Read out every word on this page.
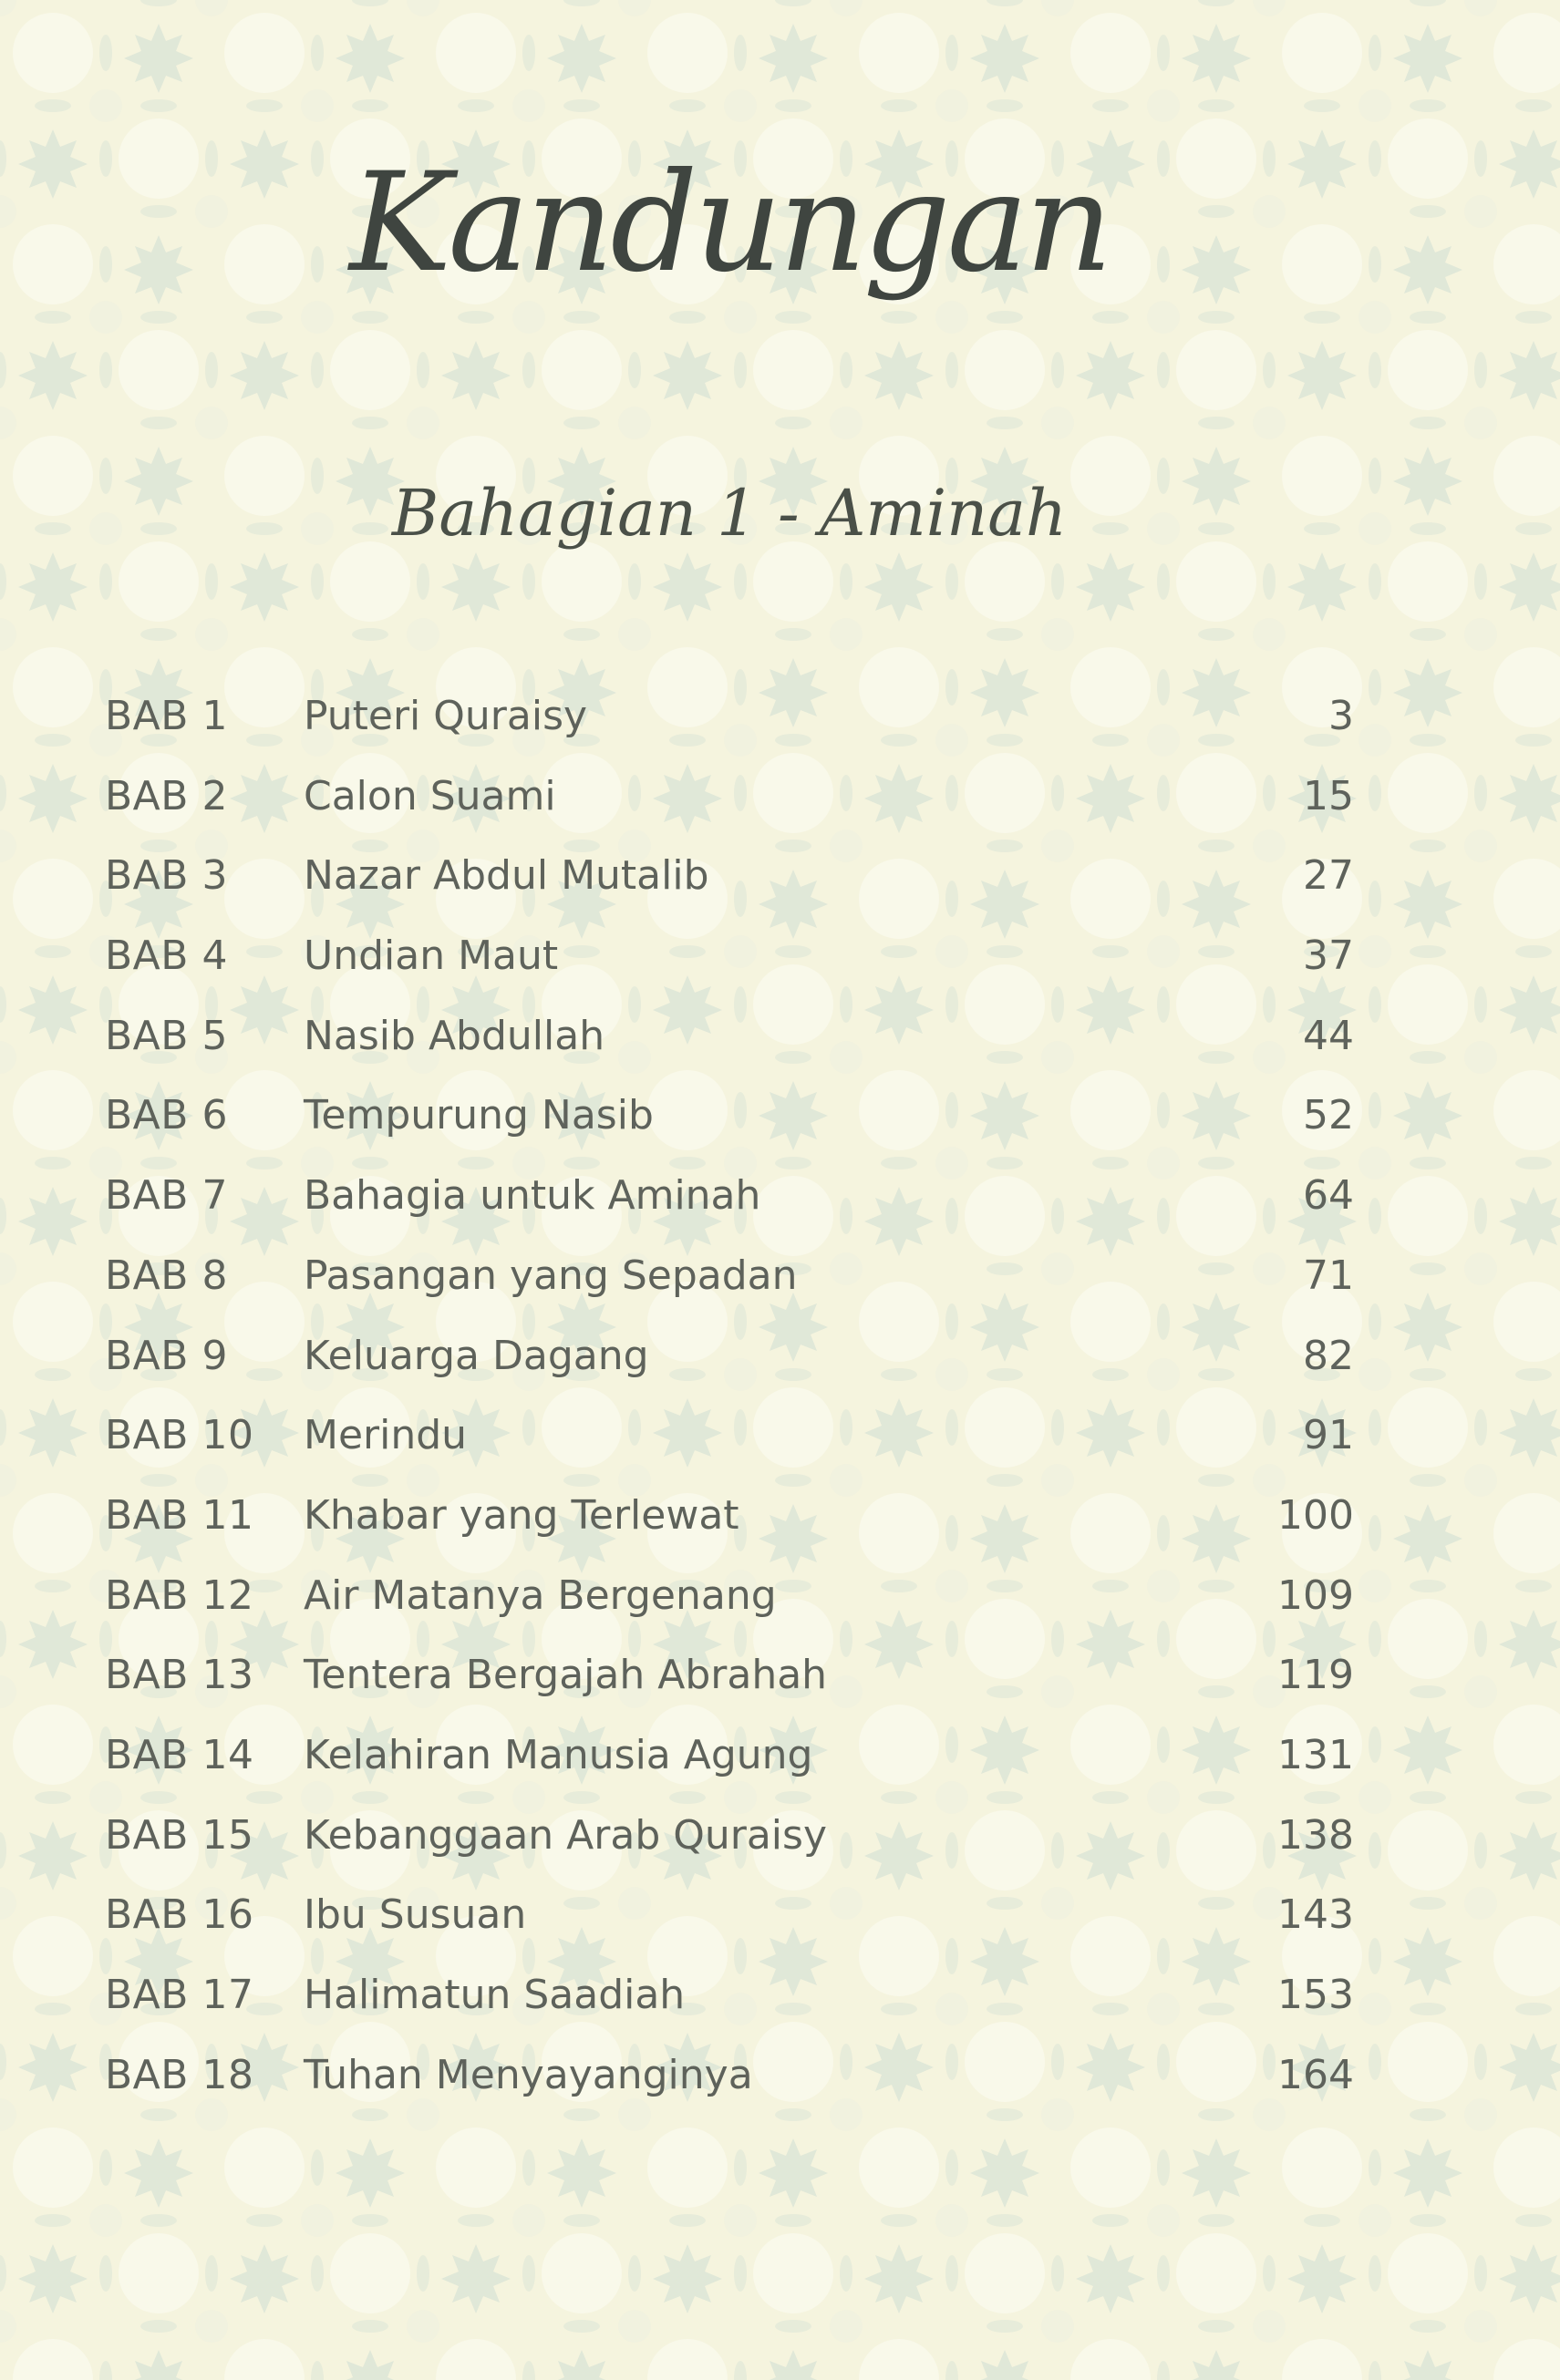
Kandungan
Bahagian 1 - Aminah
BAB 1 Puteri Quraisy	3
BAB 2 Calon Suami	15
BAB 3 Nazar Abdul Mutalib	27
BAB 4 Undian Maut	37
BAB 5 Nasib Abdullah	44
BAB 6 Tempurung Nasib	52
BAB 7 Bahagia untuk Aminah	64
BAB 8 Pasangan yang Sepadan	71
BAB 9 Keluarga Dagang	82
BAB 10 Merindu	91
BAB 11 Khabar yang Terlewat	100
BAB 12 Air Matanya Bergenang	109
BAB 13 Tentera Bergajah Abrahah	119
BAB 14 Kelahiran Manusia Agung	131
BAB 15 Kebanggaan Arab Quraisy	138
BAB 16 Ibu Susuan	143
BAB 17 Halimatun Saadiah	153
BAB 18 Tuhan Menyayanginya	164
